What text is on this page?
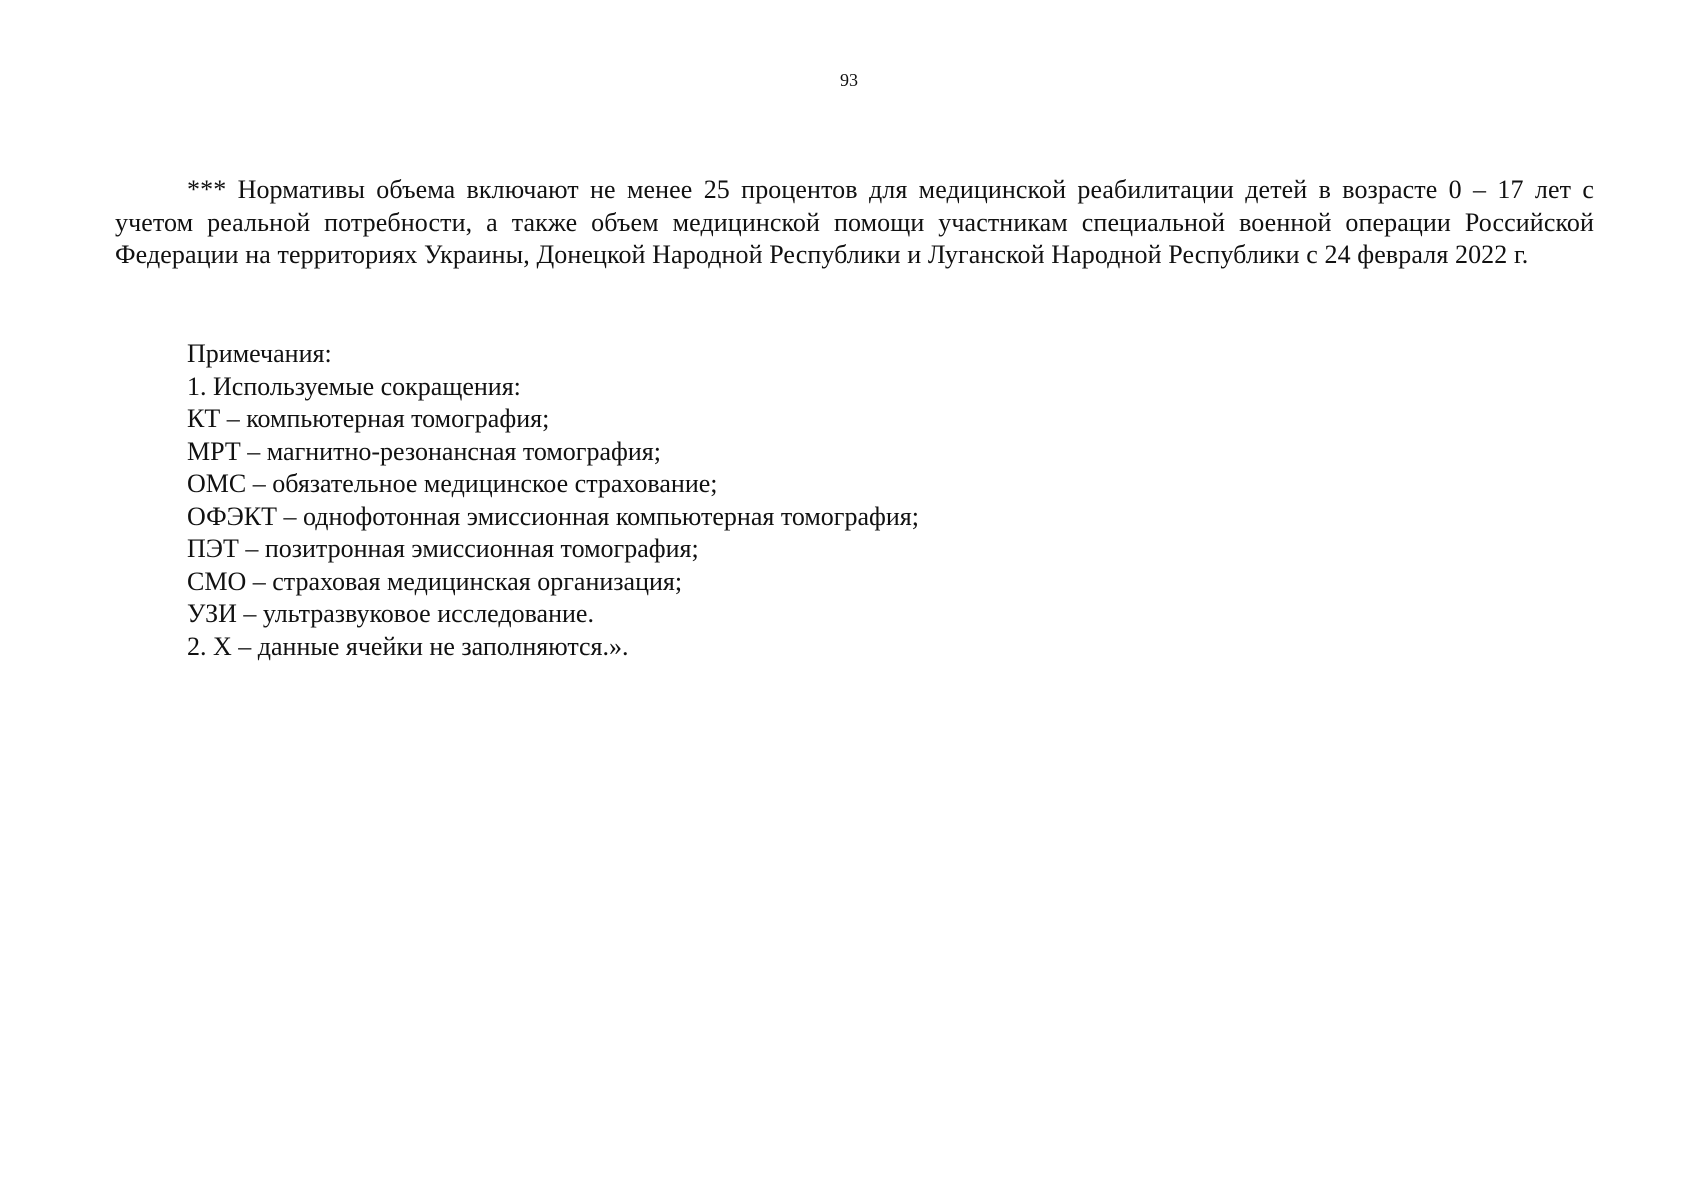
93

*** Нормативы объема включают не менее 25 процентов для медицинской реабилитации детей в возрасте 0 – 17 лет с учетом реальной потребности, а также объем медицинской помощи участникам специальной военной операции Российской Федерации на территориях Украины, Донецкой Народной Республики и Луганской Народной Республики с 24 февраля 2022 г.

Примечания:
1. Используемые сокращения:
КТ – компьютерная томография;
МРТ – магнитно-резонансная томография;
ОМС – обязательное медицинское страхование;
ОФЭКТ – однофотонная эмиссионная компьютерная томография;
ПЭТ – позитронная эмиссионная томография;
СМО – страховая медицинская организация;
УЗИ – ультразвуковое исследование.
2. Х – данные ячейки не заполняются.».
